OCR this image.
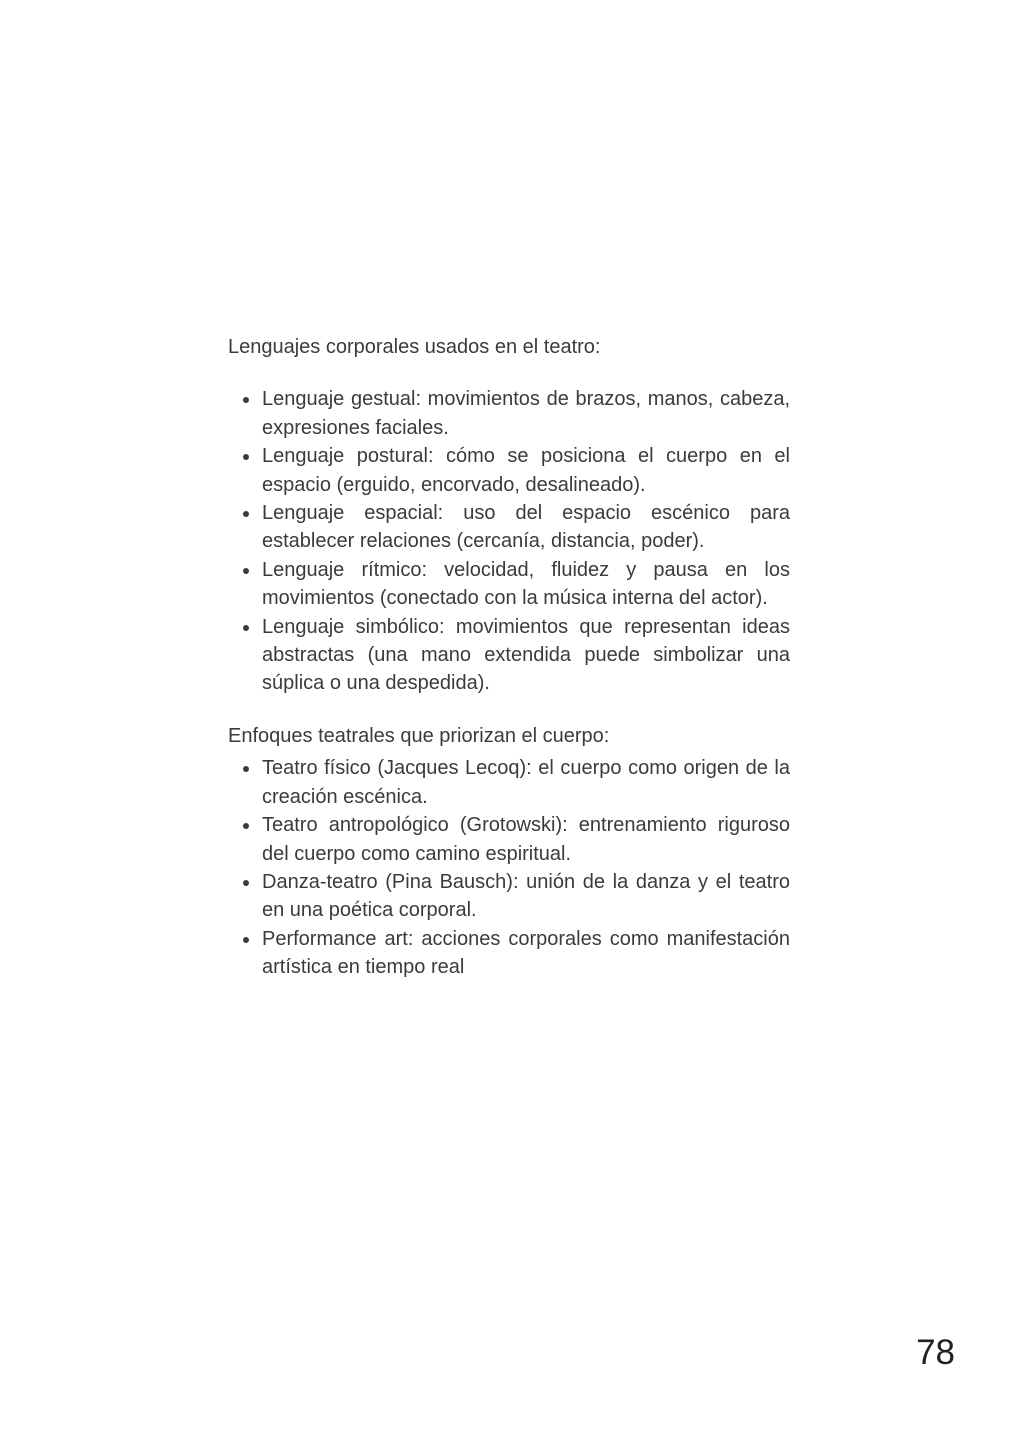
Lenguajes corporales usados en el teatro:

• Lenguaje gestual: movimientos de brazos, manos, cabeza, expresiones faciales.
• Lenguaje postural: cómo se posiciona el cuerpo en el espacio (erguido, encorvado, desalineado).
• Lenguaje espacial: uso del espacio escénico para establecer relaciones (cercanía, distancia, poder).
• Lenguaje rítmico: velocidad, fluidez y pausa en los movimientos (conectado con la música interna del actor).
• Lenguaje simbólico: movimientos que representan ideas abstractas (una mano extendida puede simbolizar una súplica o una despedida).

Enfoques teatrales que priorizan el cuerpo:

• Teatro físico (Jacques Lecoq): el cuerpo como origen de la creación escénica.
• Teatro antropológico (Grotowski): entrenamiento riguroso del cuerpo como camino espiritual.
• Danza-teatro (Pina Bausch): unión de la danza y el teatro en una poética corporal.
• Performance art: acciones corporales como manifestación artística en tiempo real
78
